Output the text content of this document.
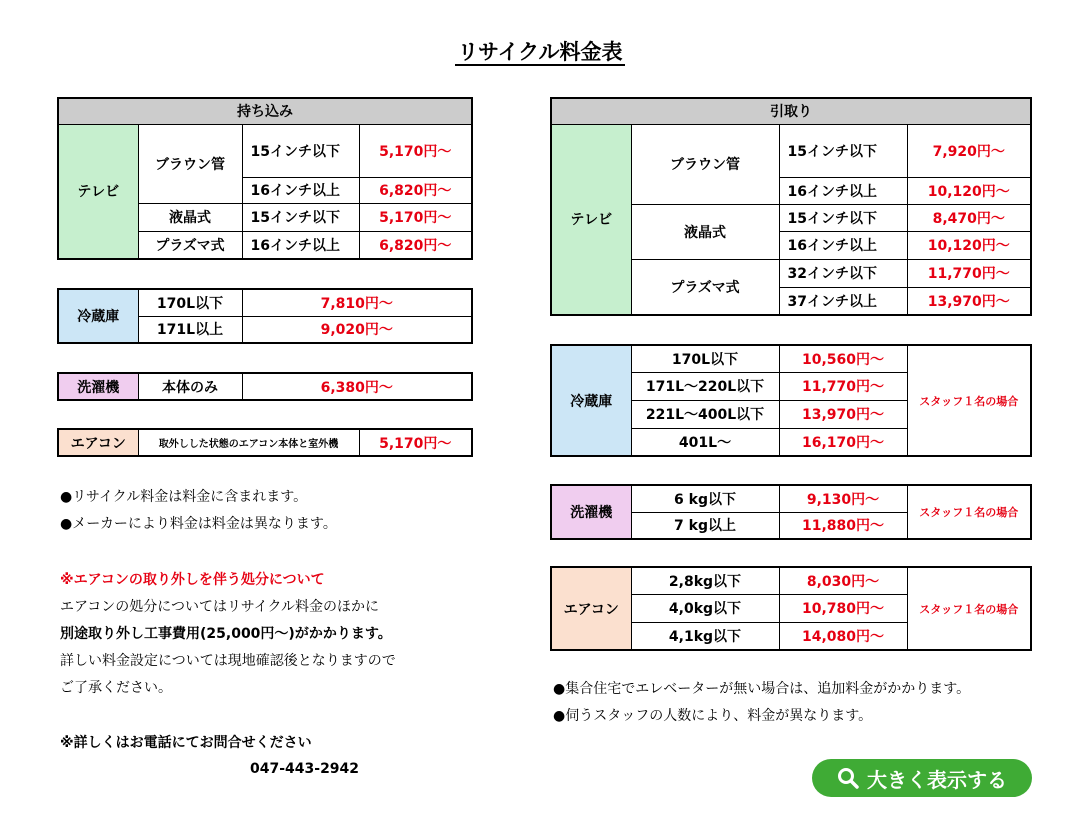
リサイクル料金表
持ち込み			
テレビ	ブラウン管	15インチ以下	5,170円～
		16インチ以上	6,820円～
	液晶式	15インチ以下	5,170円～
	プラズマ式	16インチ以上	6,820円～
冷蔵庫	170L以下	7,810円～
	171L以上	9,020円～
洗濯機	本体のみ	6,380円～
エアコン	取外しした状態のエアコン本体と室外機	5,170円～
引取り			
テレビ	ブラウン管	15インチ以下	7,920円～
		16インチ以上	10,120円～
	液晶式	15インチ以下	8,470円～
		16インチ以上	10,120円～
	プラズマ式	32インチ以下	11,770円～
		37インチ以上	13,970円～
冷蔵庫	170L以下	10,560円～	スタッフ１名の場合
	171L～220L以下	11,770円～	
	221L～400L以下	13,970円～	
	401L～	16,170円～	
洗濯機	6 kg以下	9,130円～	スタッフ１名の場合
	7 kg以上	11,880円～	
エアコン	2,8kg以下	8,030円～	スタッフ１名の場合
	4,0kg以下	10,780円～	
	4,1kg以下	14,080円～	
●リサイクル料金は料金に含まれます。
●メーカーにより料金は料金は異なります。
※エアコンの取り外しを伴う処分について
エアコンの処分についてはリサイクル料金のほかに
別途取り外し工事費用(25,000円～)がかかります。
詳しい料金設定については現地確認後となりますので
ご了承ください。
※詳しくはお電話にてお問合せください
047-443-2942
●集合住宅でエレベーターが無い場合は、追加料金がかかります。
●伺うスタッフの人数により、料金が異なります。
大きく表示する
